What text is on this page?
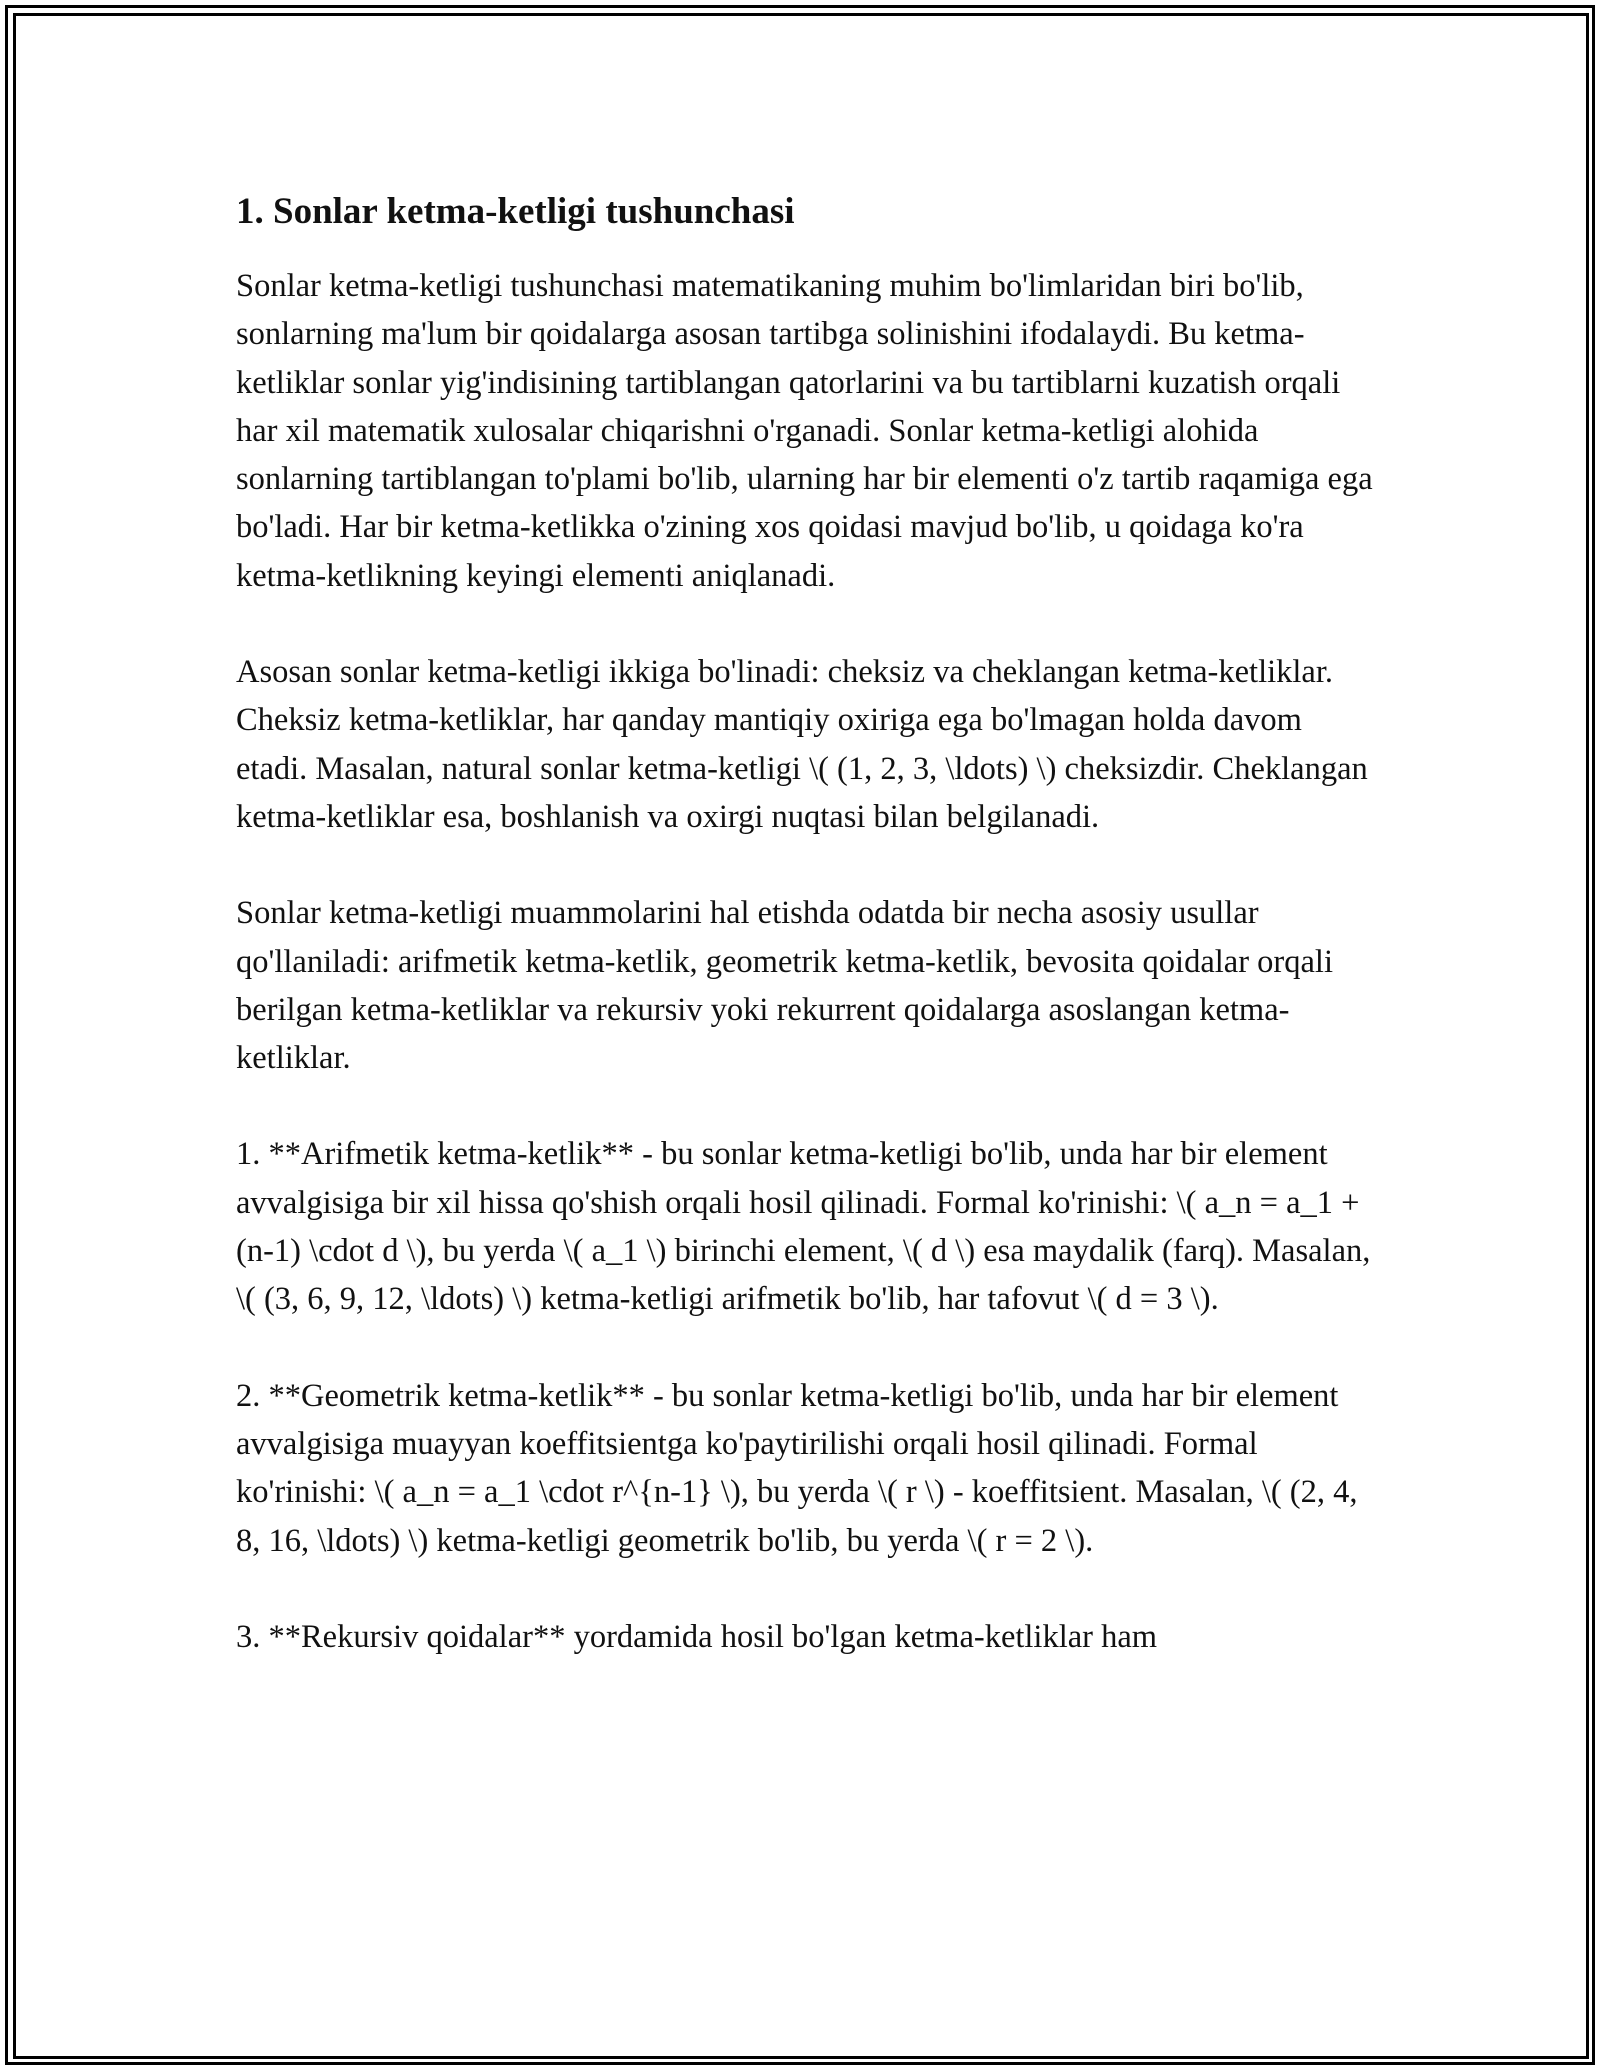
1. Sonlar ketma-ketligi tushunchasi

Sonlar ketma-ketligi tushunchasi matematikaning muhim bo'limlaridan biri bo'lib, sonlarning ma'lum bir qoidalarga asosan tartibga solinishini ifodalaydi. Bu ketma-ketliklar sonlar yig'indisining tartiblangan qatorlarini va bu tartiblarni kuzatish orqali har xil matematik xulosalar chiqarishni o'rganadi. Sonlar ketma-ketligi alohida sonlarning tartiblangan to'plami bo'lib, ularning har bir elementi o'z tartib raqamiga ega bo'ladi. Har bir ketma-ketlikka o'zining xos qoidasi mavjud bo'lib, u qoidaga ko'ra ketma-ketlikning keyingi elementi aniqlanadi.

Asosan sonlar ketma-ketligi ikkiga bo'linadi: cheksiz va cheklangan ketma-ketliklar. Cheksiz ketma-ketliklar, har qanday mantiqiy oxiriga ega bo'lmagan holda davom etadi. Masalan, natural sonlar ketma-ketligi \( (1, 2, 3, \ldots) \) cheksizdir. Cheklangan ketma-ketliklar esa, boshlanish va oxirgi nuqtasi bilan belgilanadi.

Sonlar ketma-ketligi muammolarini hal etishda odatda bir necha asosiy usullar qo'llaniladi: arifmetik ketma-ketlik, geometrik ketma-ketlik, bevosita qoidalar orqali berilgan ketma-ketliklar va rekursiv yoki rekurrent qoidalarga asoslangan ketma-ketliklar.

1. **Arifmetik ketma-ketlik** - bu sonlar ketma-ketligi bo'lib, unda har bir element avvalgisiga bir xil hissa qo'shish orqali hosil qilinadi. Formal ko'rinishi: \( a_n = a_1 + (n-1) \cdot d \), bu yerda \( a_1 \) birinchi element, \( d \) esa maydalik (farq). Masalan, \( (3, 6, 9, 12, \ldots) \) ketma-ketligi arifmetik bo'lib, har tafovut \( d = 3 \).

2. **Geometrik ketma-ketlik** - bu sonlar ketma-ketligi bo'lib, unda har bir element avvalgisiga muayyan koeffitsientga ko'paytirilishi orqali hosil qilinadi. Formal ko'rinishi: \( a_n = a_1 \cdot r^{n-1} \), bu yerda \( r \) - koeffitsient. Masalan, \( (2, 4, 8, 16, \ldots) \) ketma-ketligi geometrik bo'lib, bu yerda \( r = 2 \).

3. **Rekursiv qoidalar** yordamida hosil bo'lgan ketma-ketliklar ham
